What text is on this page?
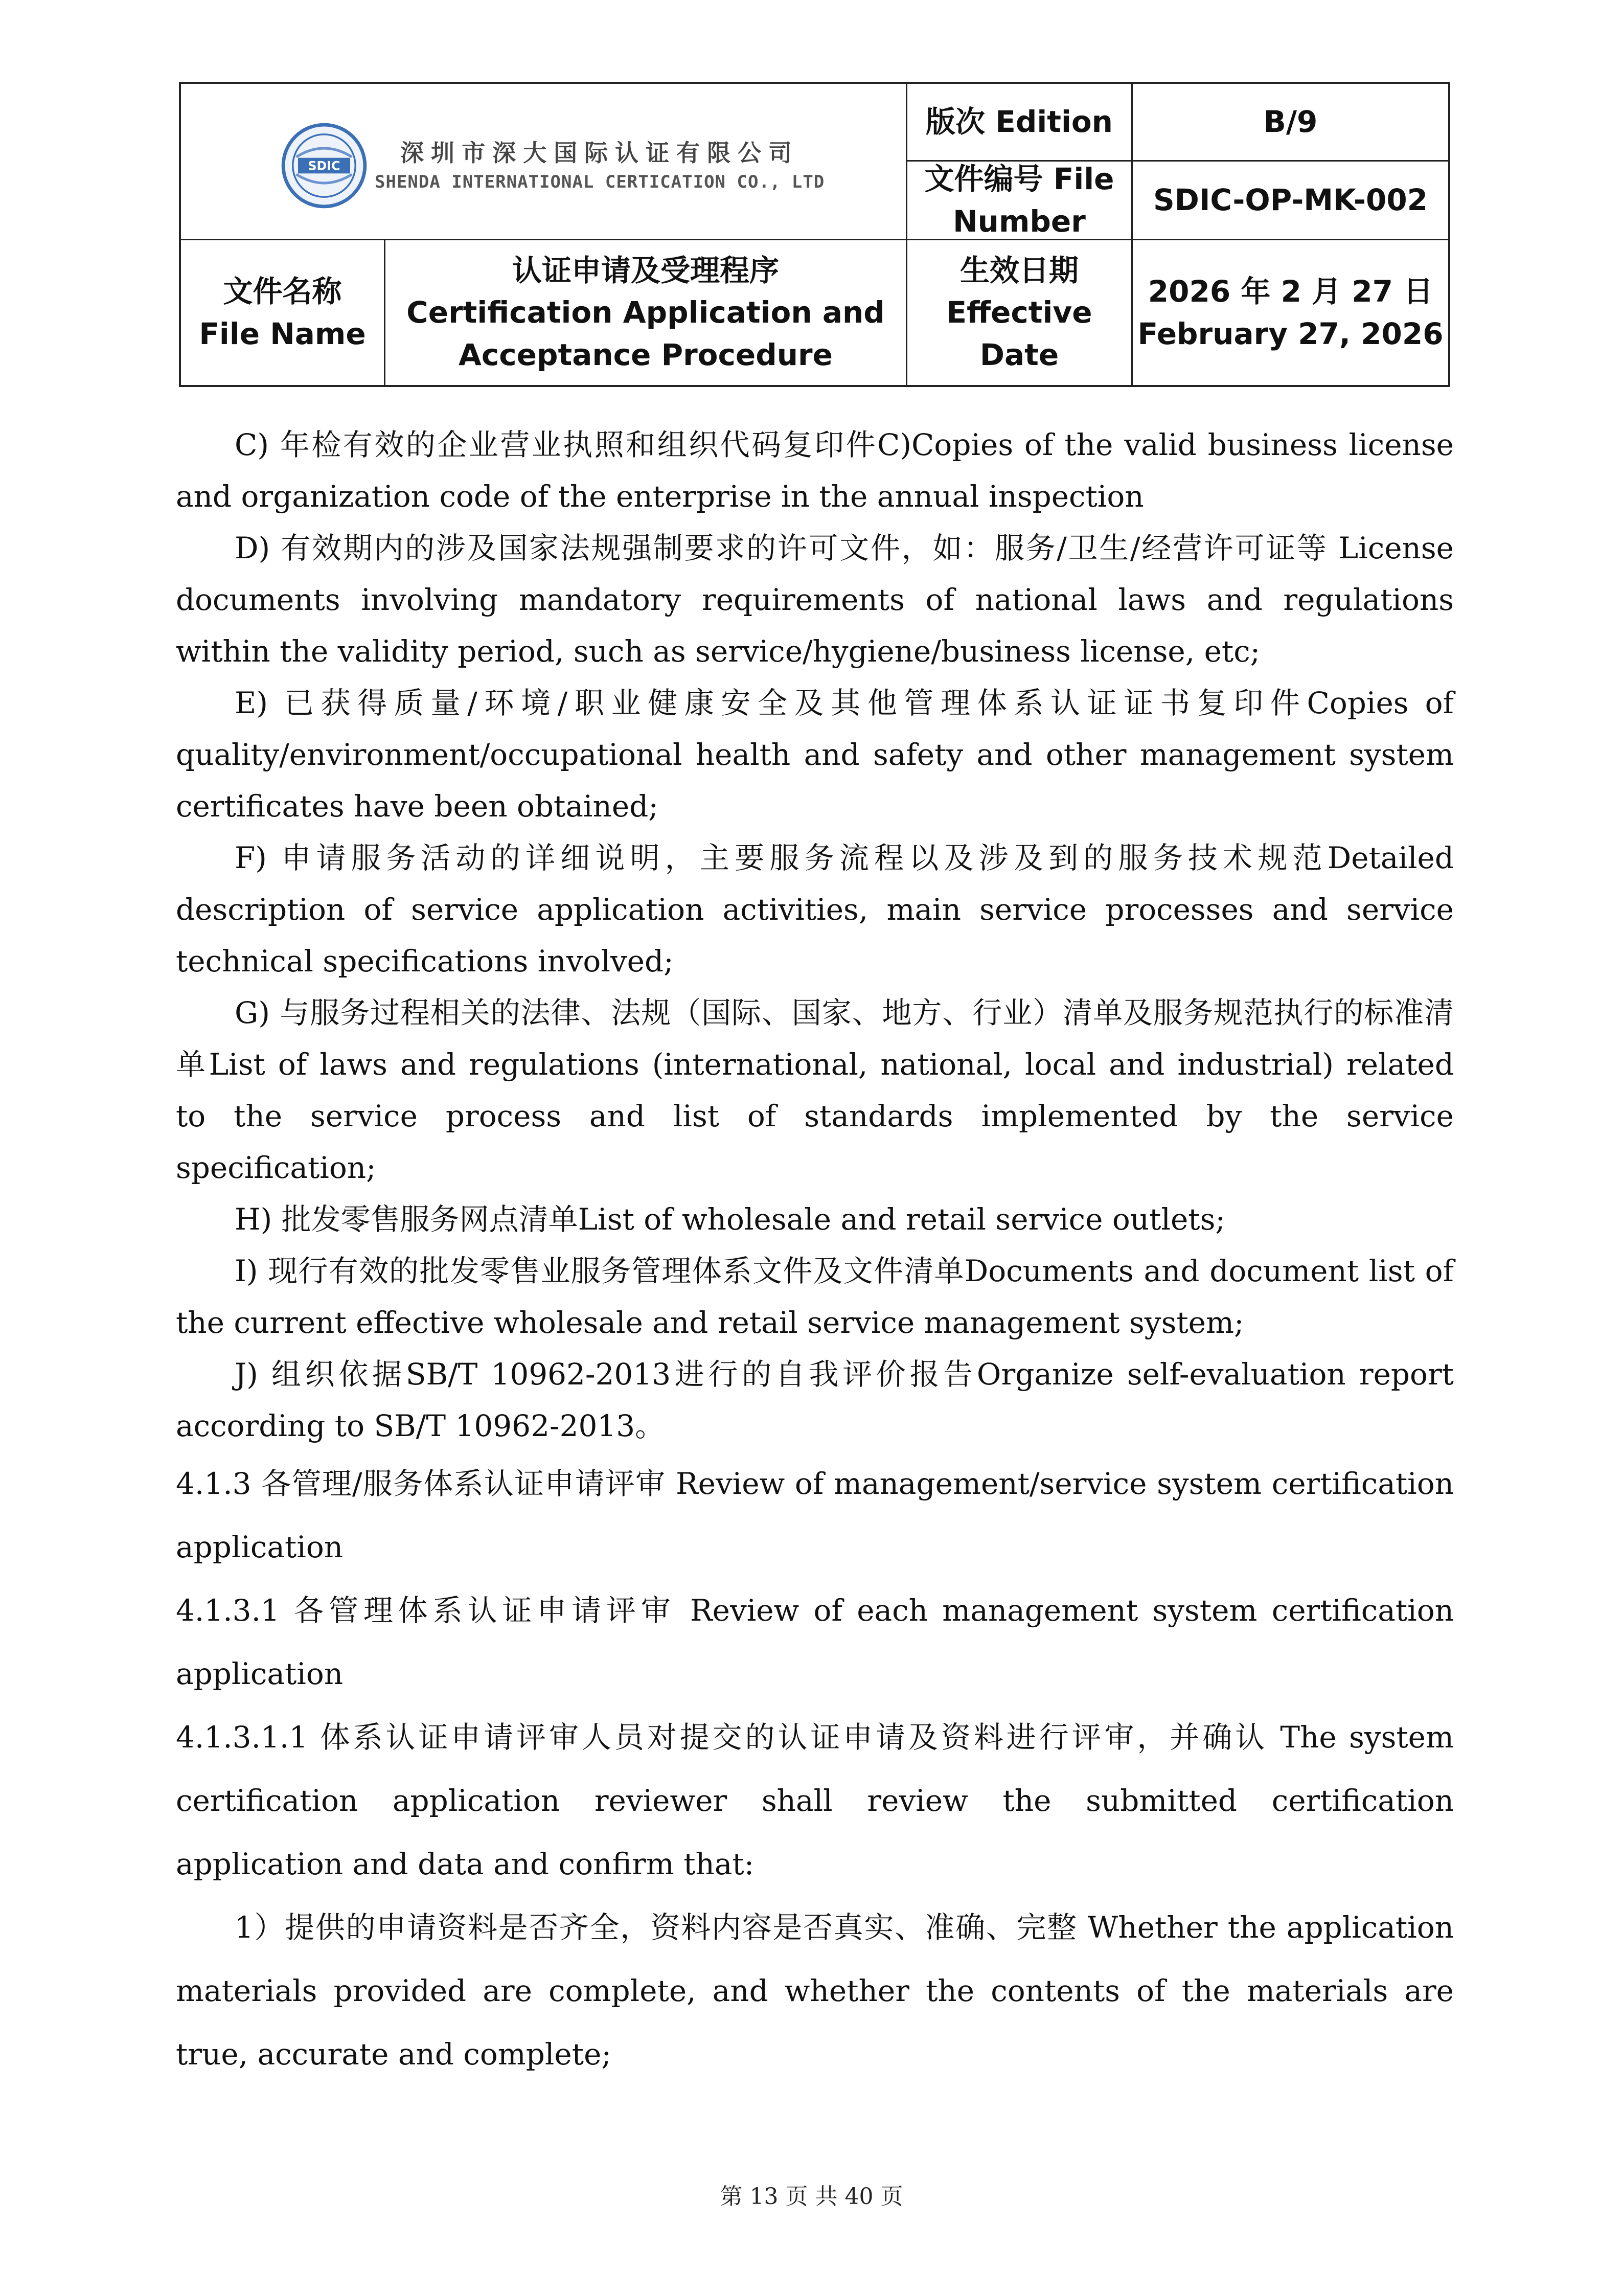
SDIC	深圳市深大国际认证有限公司
SHENDA INTERNATIONAL CERTICATION CO., LTD
版次 Edition	B/9
文件编号 File
Number
SDIC-OP-MK-002
文件名称
File Name
认证申请及受理程序
Certification Application and
Acceptance Procedure
生效日期
Effective
Date
2026 年 2 月 27 日
February 27, 2026

C) 年检有效的企业营业执照和组织代码复印件C)Copies of the valid business license and organization code of the enterprise in the annual inspection

D) 有效期内的涉及国家法规强制要求的许可文件，如：服务/卫生/经营许可证等 License documents involving mandatory requirements of national laws and regulations within the validity period, such as service/hygiene/business license, etc;

E) 已获得质量/环境/职业健康安全及其他管理体系认证证书复印件Copies of quality/environment/occupational health and safety and other management system certificates have been obtained;

F) 申请服务活动的详细说明，主要服务流程以及涉及到的服务技术规范Detailed description of service application activities, main service processes and service technical specifications involved;

G) 与服务过程相关的法律、法规（国际、国家、地方、行业）清单及服务规范执行的标准清单List of laws and regulations (international, national, local and industrial) related to the service process and list of standards implemented by the service specification;

H) 批发零售服务网点清单List of wholesale and retail service outlets;

I) 现行有效的批发零售业服务管理体系文件及文件清单Documents and document list of the current effective wholesale and retail service management system;

J) 组织依据SB/T 10962-2013进行的自我评价报告Organize self-evaluation report according to SB/T 10962-2013。

4.1.3 各管理/服务体系认证申请评审 Review of management/service system certification application

4.1.3.1 各管理体系认证申请评审 Review of each management system certification application

4.1.3.1.1 体系认证申请评审人员对提交的认证申请及资料进行评审，并确认 The system certification application reviewer shall review the submitted certification application and data and confirm that:

1）提供的申请资料是否齐全，资料内容是否真实、准确、完整 Whether the application materials provided are complete, and whether the contents of the materials are true, accurate and complete;

第 13 页 共 40 页
